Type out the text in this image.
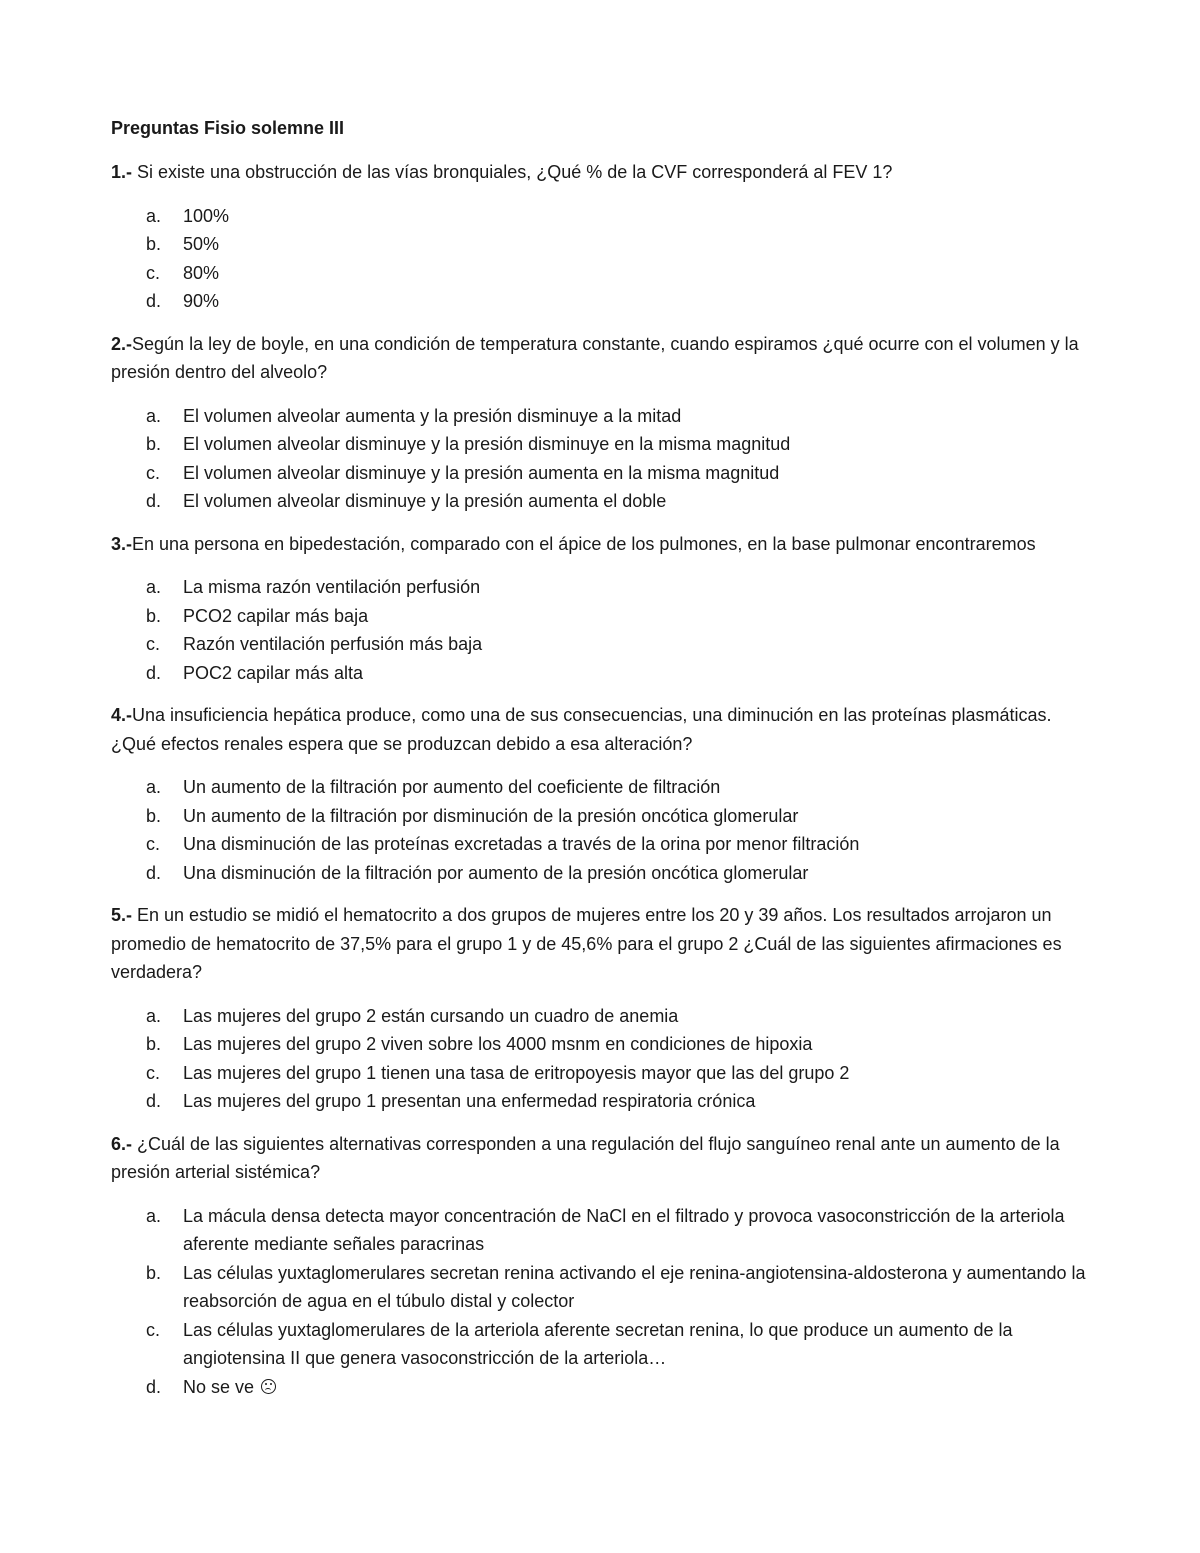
Preguntas Fisio solemne III
1.- Si existe una obstrucción de las vías bronquiales, ¿Qué % de la CVF corresponderá al FEV 1?
a.	100%
b.	50%
c.	80%
d.	90%
2.-Según la ley de boyle, en una condición de temperatura constante, cuando espiramos ¿qué ocurre con el volumen y la presión dentro del alveolo?
a.	El volumen alveolar aumenta y la presión disminuye a la mitad
b.	El volumen alveolar disminuye y la presión disminuye en la misma magnitud
c.	El volumen alveolar disminuye y la presión aumenta en la misma magnitud
d.	El volumen alveolar disminuye y la presión aumenta el doble
3.-En una persona en bipedestación, comparado con el ápice de los pulmones, en la base pulmonar encontraremos
a.	La misma razón ventilación perfusión
b.	PCO2 capilar más baja
c.	Razón ventilación perfusión más baja
d.	POC2 capilar más alta
4.-Una insuficiencia hepática produce, como una de sus consecuencias, una diminución en las proteínas plasmáticas. ¿Qué efectos renales espera que se produzcan debido a esa alteración?
a.	Un aumento de la filtración por aumento del coeficiente de filtración
b.	Un aumento de la filtración por disminución de la presión oncótica glomerular
c.	Una disminución de las proteínas excretadas a través de la orina por menor filtración
d.	Una disminución de la filtración por aumento de la presión oncótica glomerular
5.- En un estudio se midió el hematocrito a dos grupos de mujeres entre los 20 y 39 años. Los resultados arrojaron un promedio de hematocrito de 37,5% para el grupo 1 y de 45,6% para el grupo 2 ¿Cuál de las siguientes afirmaciones es verdadera?
a.	Las mujeres del grupo 2 están cursando un cuadro de anemia
b.	Las mujeres del grupo 2 viven sobre los 4000 msnm en condiciones de hipoxia
c.	Las mujeres del grupo 1 tienen una tasa de eritropoyesis mayor que las del grupo 2
d.	Las mujeres del grupo 1 presentan una enfermedad respiratoria crónica
6.- ¿Cuál de las siguientes alternativas corresponden a una regulación del flujo sanguíneo renal ante un aumento de la presión arterial sistémica?
a.	La mácula densa detecta mayor concentración de NaCl en el filtrado y provoca vasoconstricción de la arteriola aferente mediante señales paracrinas
b.	Las células yuxtaglomerulares secretan renina activando el eje renina-angiotensina-aldosterona y aumentando la reabsorción de agua en el túbulo distal y colector
c.	Las células yuxtaglomerulares de la arteriola aferente secretan renina, lo que produce un aumento de la angiotensina II que genera vasoconstricción de la arteriola…
d.	No se ve
